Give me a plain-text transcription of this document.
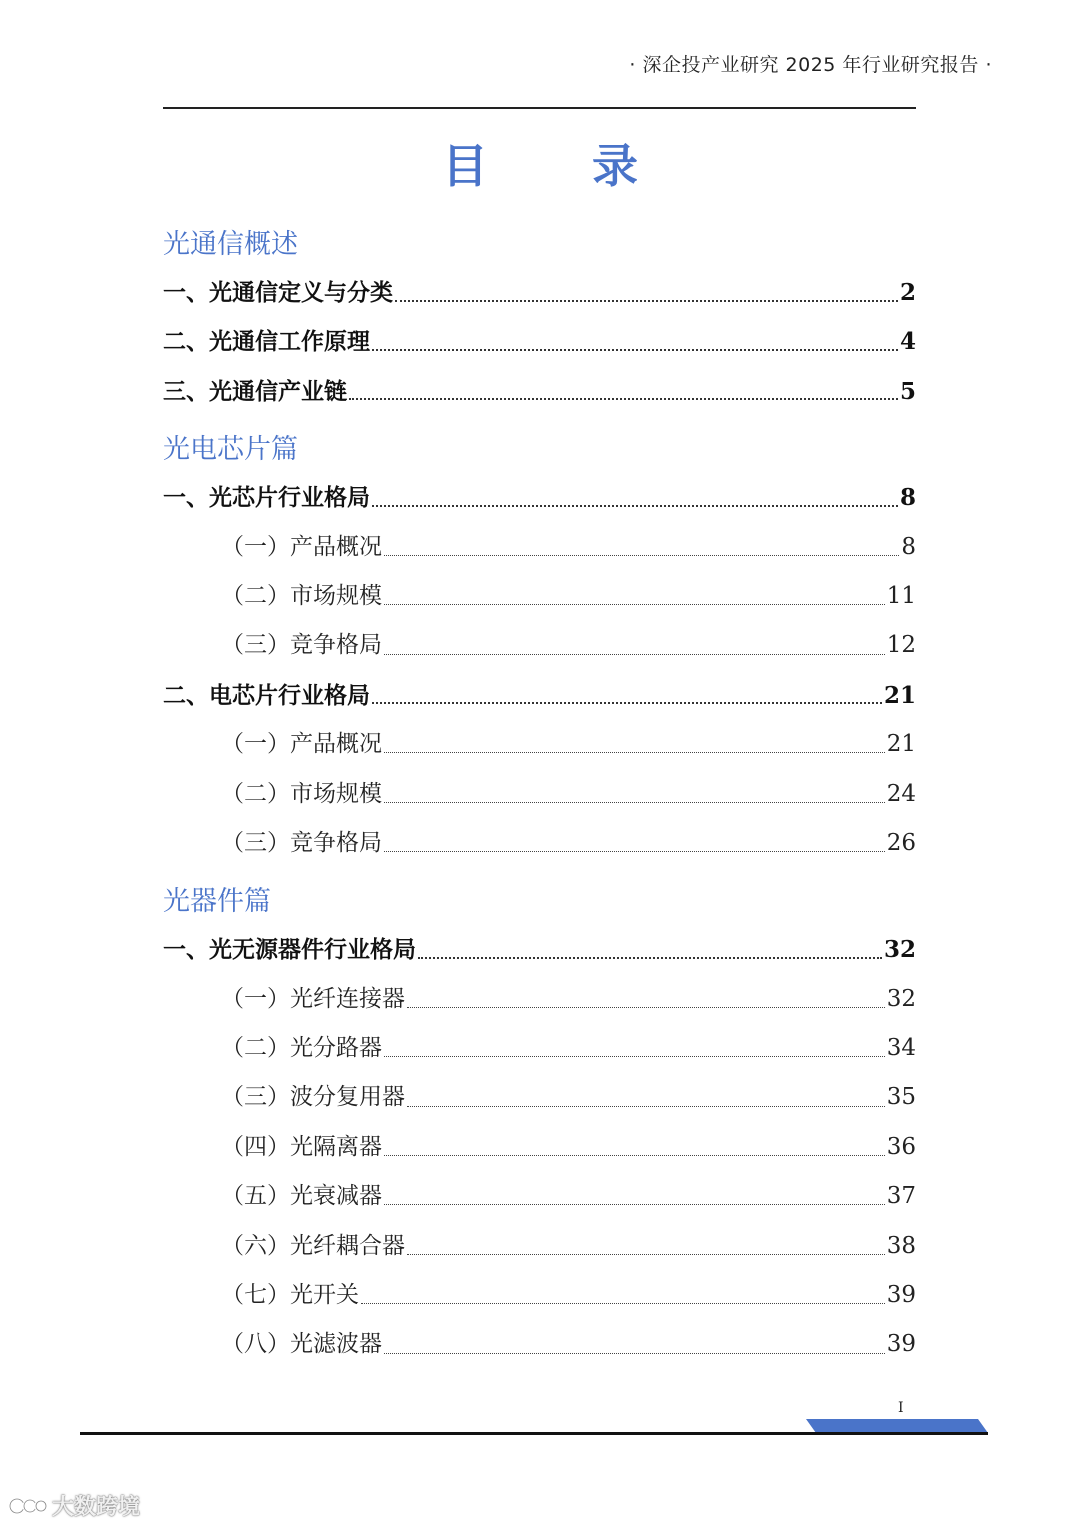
· 深企投产业研究 2025 年行业研究报告 ·
目 录
光通信概述
一、光通信定义与分类	2
二、光通信工作原理	4
三、光通信产业链	5
光电芯片篇
一、光芯片行业格局	8
（一）产品概况	8
（二）市场规模	11
（三）竞争格局	12
二、电芯片行业格局	21
（一）产品概况	21
（二）市场规模	24
（三）竞争格局	26
光器件篇
一、光无源器件行业格局	32
（一）光纤连接器	32
（二）光分路器	34
（三）波分复用器	35
（四）光隔离器	36
（五）光衰减器	37
（六）光纤耦合器	38
（七）光开关	39
（八）光滤波器	39
I
大数跨境
